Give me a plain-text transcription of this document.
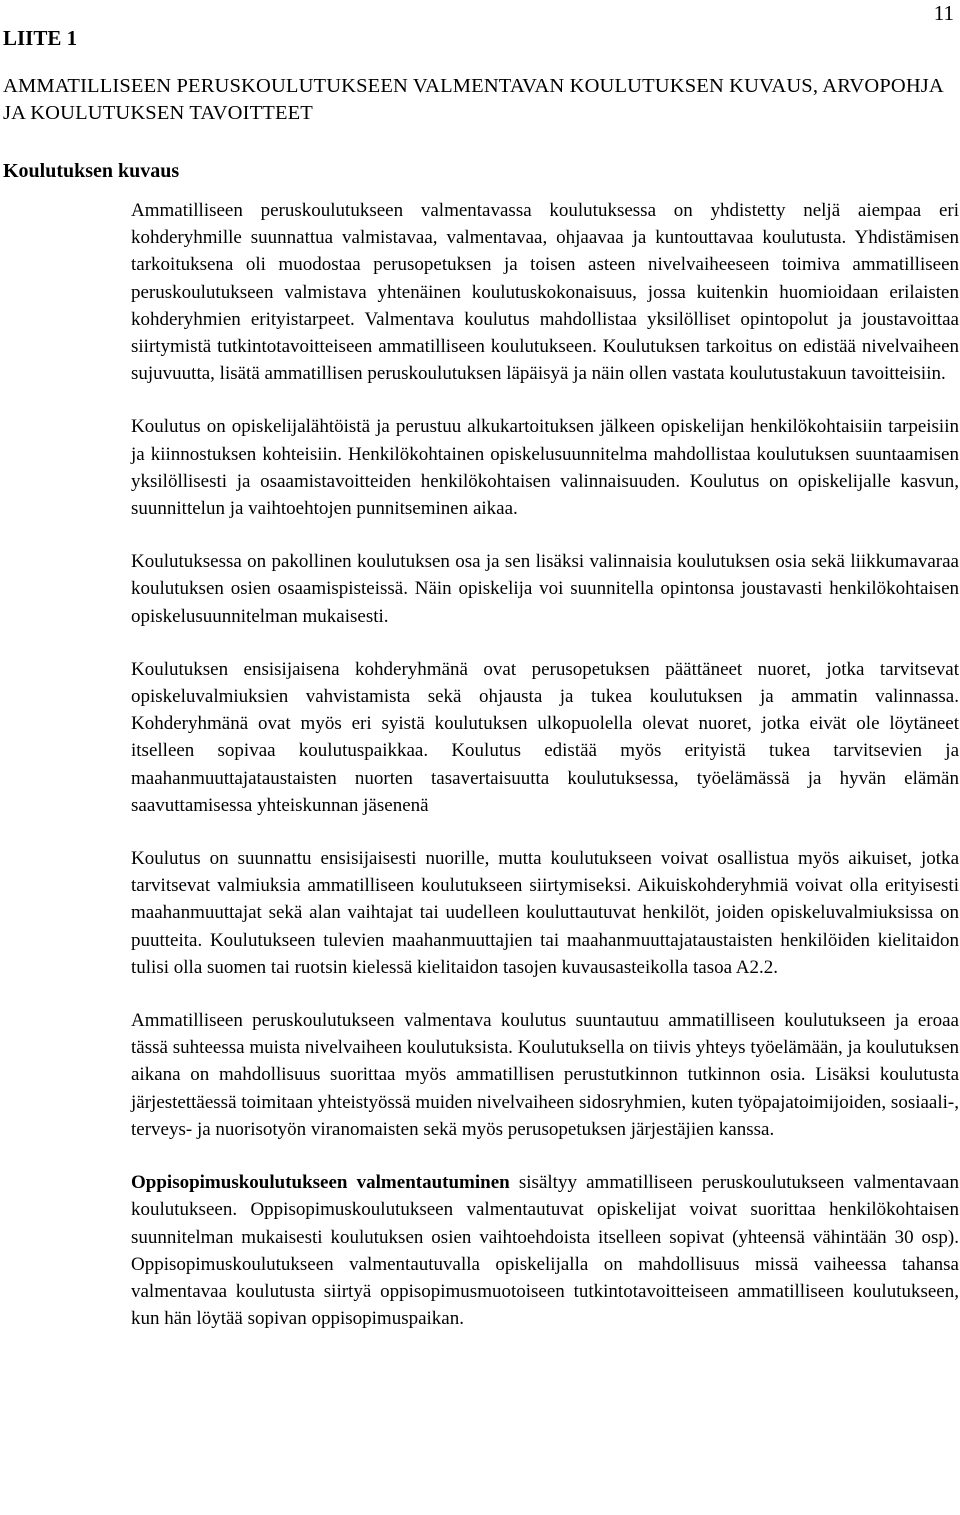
11
LIITE 1
AMMATILLISEEN PERUSKOULUTUKSEEN VALMENTAVAN KOULUTUKSEN KUVAUS, ARVOPOHJA JA KOULUTUKSEN TAVOITTEET
Koulutuksen kuvaus

Ammatilliseen peruskoulutukseen valmentavassa koulutuksessa on yhdistetty neljä aiempaa eri kohderyhmille suunnattua valmistavaa, valmentavaa, ohjaavaa ja kuntouttavaa koulutusta. Yhdistämisen tarkoituksena oli muodostaa perusopetuksen ja toisen asteen nivelvaiheeseen toimiva ammatilliseen peruskoulutukseen valmistava yhtenäinen koulutuskokonaisuus, jossa kuitenkin huomioidaan erilaisten kohderyhmien erityistarpeet. Valmentava koulutus mahdollistaa yksilölliset opintopolut ja joustavoittaa siirtymistä tutkintotavoitteiseen ammatilliseen koulutukseen. Koulutuksen tarkoitus on edistää nivelvaiheen sujuvuutta, lisätä ammatillisen peruskoulutuksen läpäisyä ja näin ollen vastata koulutustakuun tavoitteisiin.

Koulutus on opiskelijalähtöistä ja perustuu alkukartoituksen jälkeen opiskelijan henkilökohtaisiin tarpeisiin ja kiinnostuksen kohteisiin. Henkilökohtainen opiskelusuunnitelma mahdollistaa koulutuksen suuntaamisen yksilöllisesti ja osaamistavoitteiden henkilökohtaisen valinnaisuuden. Koulutus on opiskelijalle kasvun, suunnittelun ja vaihtoehtojen punnitseminen aikaa.

Koulutuksessa on pakollinen koulutuksen osa ja sen lisäksi valinnaisia koulutuksen osia sekä liikkumavaraa koulutuksen osien osaamispisteissä. Näin opiskelija voi suunnitella opintonsa joustavasti henkilökohtaisen opiskelusuunnitelman mukaisesti.

Koulutuksen ensisijaisena kohderyhmänä ovat perusopetuksen päättäneet nuoret, jotka tarvitsevat opiskeluvalmiuksien vahvistamista sekä ohjausta ja tukea koulutuksen ja ammatin valinnassa. Kohderyhmänä ovat myös eri syistä koulutuksen ulkopuolella olevat nuoret, jotka eivät ole löytäneet itselleen sopivaa koulutuspaikkaa. Koulutus edistää myös erityistä tukea tarvitsevien ja maahanmuuttajataustaisten nuorten tasavertaisuutta koulutuksessa, työelämässä ja hyvän elämän saavuttamisessa yhteiskunnan jäsenenä

Koulutus on suunnattu ensisijaisesti nuorille, mutta koulutukseen voivat osallistua myös aikuiset, jotka tarvitsevat valmiuksia ammatilliseen koulutukseen siirtymiseksi. Aikuiskohderyhmiä voivat olla erityisesti maahanmuuttajat sekä alan vaihtajat tai uudelleen kouluttautuvat henkilöt, joiden opiskeluvalmiuksissa on puutteita. Koulutukseen tulevien maahanmuuttajien tai maahanmuuttajataustaisten henkilöiden kielitaidon tulisi olla suomen tai ruotsin kielessä kielitaidon tasojen kuvausasteikolla tasoa A2.2.

Ammatilliseen peruskoulutukseen valmentava koulutus suuntautuu ammatilliseen koulutukseen ja eroaa tässä suhteessa muista nivelvaiheen koulutuksista. Koulutuksella on tiivis yhteys työelämään, ja koulutuksen aikana on mahdollisuus suorittaa myös ammatillisen perustutkinnon tutkinnon osia. Lisäksi koulutusta järjestettäessä toimitaan yhteistyössä muiden nivelvaiheen sidosryhmien, kuten työpajatoimijoiden, sosiaali-, terveys- ja nuorisotyön viranomaisten sekä myös perusopetuksen järjestäjien kanssa.

Oppisopimuskoulutukseen valmentautuminen sisältyy ammatilliseen peruskoulutukseen valmentavaan koulutukseen. Oppisopimuskoulutukseen valmentautuvat opiskelijat voivat suorittaa henkilökohtaisen suunnitelman mukaisesti koulutuksen osien vaihtoehdoista itselleen sopivat (yhteensä vähintään 30 osp). Oppisopimuskoulutukseen valmentautuvalla opiskelijalla on mahdollisuus missä vaiheessa tahansa valmentavaa koulutusta siirtyä oppisopimusmuotoiseen tutkintotavoitteiseen ammatilliseen koulutukseen, kun hän löytää sopivan oppisopimuspaikan.
